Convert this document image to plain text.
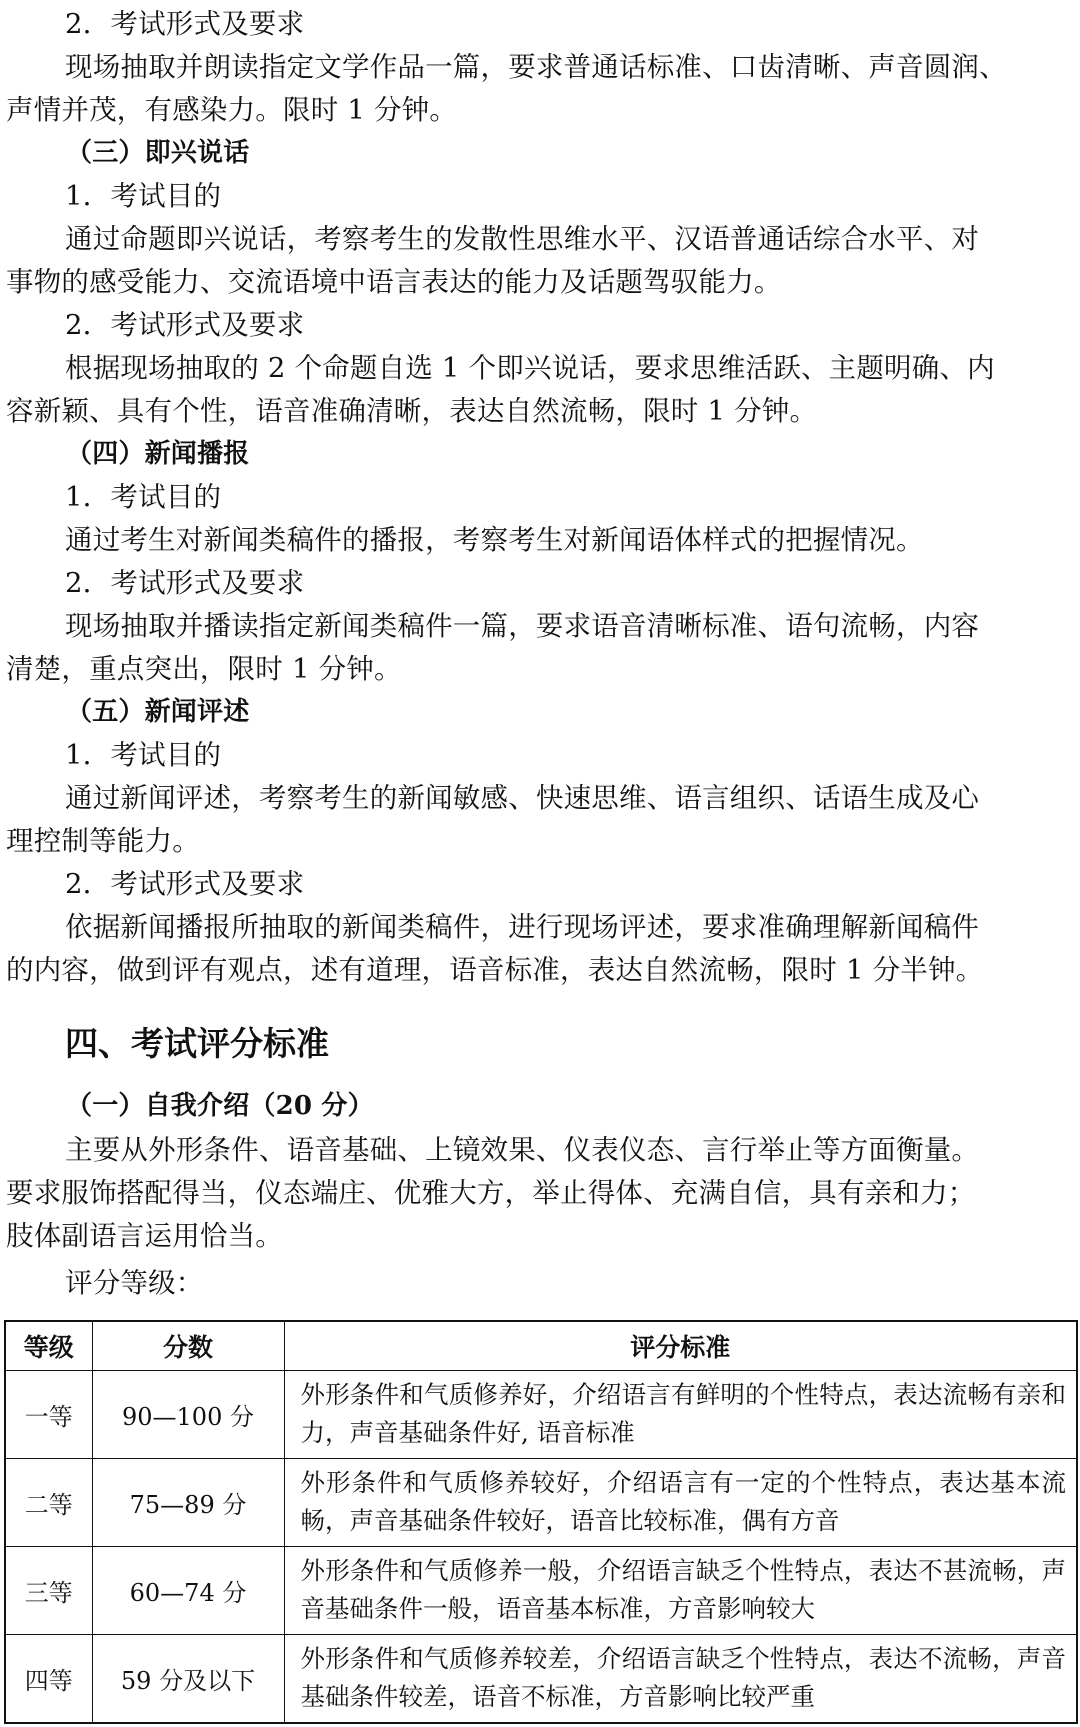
2．考试形式及要求
现场抽取并朗读指定文学作品一篇，要求普通话标准、口齿清晰、声音圆润、
声情并茂，有感染力。限时 1 分钟。
（三）即兴说话
1．考试目的
通过命题即兴说话，考察考生的发散性思维水平、汉语普通话综合水平、对
事物的感受能力、交流语境中语言表达的能力及话题驾驭能力。
2．考试形式及要求
根据现场抽取的 2 个命题自选 1 个即兴说话，要求思维活跃、主题明确、内
容新颖、具有个性，语音准确清晰，表达自然流畅，限时 1 分钟。
（四）新闻播报
1．考试目的
通过考生对新闻类稿件的播报，考察考生对新闻语体样式的把握情况。
2．考试形式及要求
现场抽取并播读指定新闻类稿件一篇，要求语音清晰标准、语句流畅，内容
清楚，重点突出，限时 1 分钟。
（五）新闻评述
1．考试目的
通过新闻评述，考察考生的新闻敏感、快速思维、语言组织、话语生成及心
理控制等能力。
2．考试形式及要求
依据新闻播报所抽取的新闻类稿件，进行现场评述，要求准确理解新闻稿件
的内容，做到评有观点，述有道理，语音标准，表达自然流畅，限时 1 分半钟。
四、考试评分标准
（一）自我介绍（20 分）
主要从外形条件、语音基础、上镜效果、仪表仪态、言行举止等方面衡量。
要求服饰搭配得当，仪态端庄、优雅大方，举止得体、充满自信，具有亲和力；
肢体副语言运用恰当。
评分等级：
等级	分数	评分标准
一等	90—100 分	外形条件和气质修养好，介绍语言有鲜明的个性特点，表达流畅有亲和力，声音基础条件好, 语音标准
二等	75—89 分	外形条件和气质修养较好，介绍语言有一定的个性特点，表达基本流畅，声音基础条件较好，语音比较标准，偶有方音
三等	60—74 分	外形条件和气质修养一般，介绍语言缺乏个性特点，表达不甚流畅，声音基础条件一般，语音基本标准，方音影响较大
四等	59 分及以下	外形条件和气质修养较差，介绍语言缺乏个性特点，表达不流畅，声音基础条件较差，语音不标准，方音影响比较严重
